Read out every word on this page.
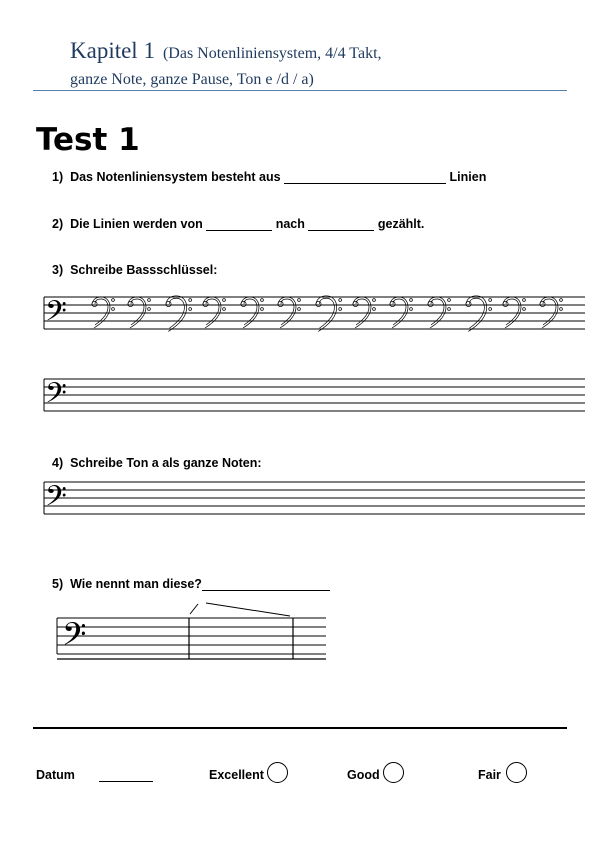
Kapitel 1 (Das Notenliniensystem, 4/4 Takt,
ganze Note, ganze Pause, Ton e /d / a)
Test 1
1) Das Notenliniensystem besteht aus	Linien
2) Die Linien werden von	nach	gezählt.
3) Schreibe Bassschlüssel:
𝄢
𝄢
𝄢
𝄢
4) Schreibe Ton a als ganze Noten:
5) Wie nennt man diese?
Datum	Excellent	Good	Fair
